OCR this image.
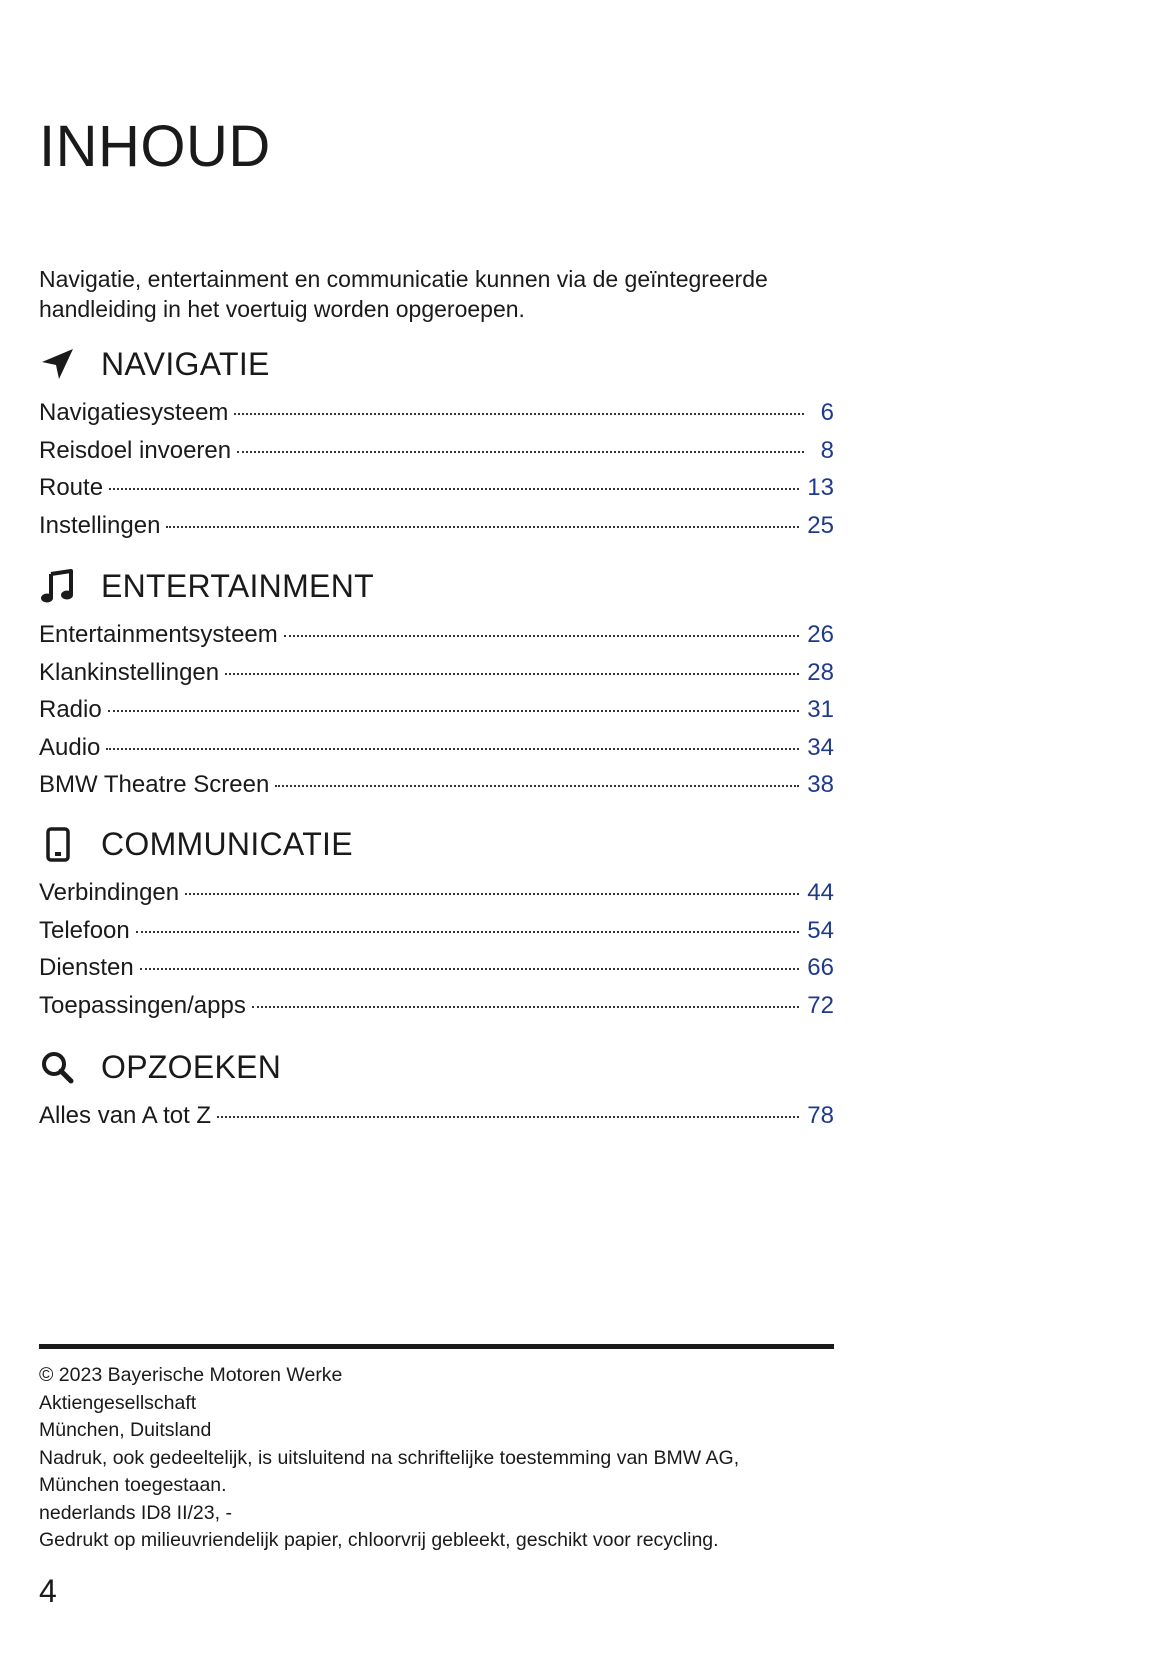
INHOUD

Navigatie, entertainment en communicatie kunnen via de geïntegreerde
handleiding in het voertuig worden opgeroepen.

NAVIGATIE
Navigatiesysteem	6
Reisdoel invoeren	8
Route	13
Instellingen	25
ENTERTAINMENT
Entertainmentsysteem	26
Klankinstellingen	28
Radio	31
Audio	34
BMW Theatre Screen	38
COMMUNICATIE
Verbindingen	44
Telefoon	54
Diensten	66
Toepassingen/apps	72
OPZOEKEN
Alles van A tot Z	78
© 2023 Bayerische Motoren Werke
Aktiengesellschaft
München, Duitsland
Nadruk, ook gedeeltelijk, is uitsluitend na schriftelijke toestemming van BMW AG,
München toegestaan.
nederlands ID8 II/23, -
Gedrukt op milieuvriendelijk papier, chloorvrij gebleekt, geschikt voor recycling.
4
